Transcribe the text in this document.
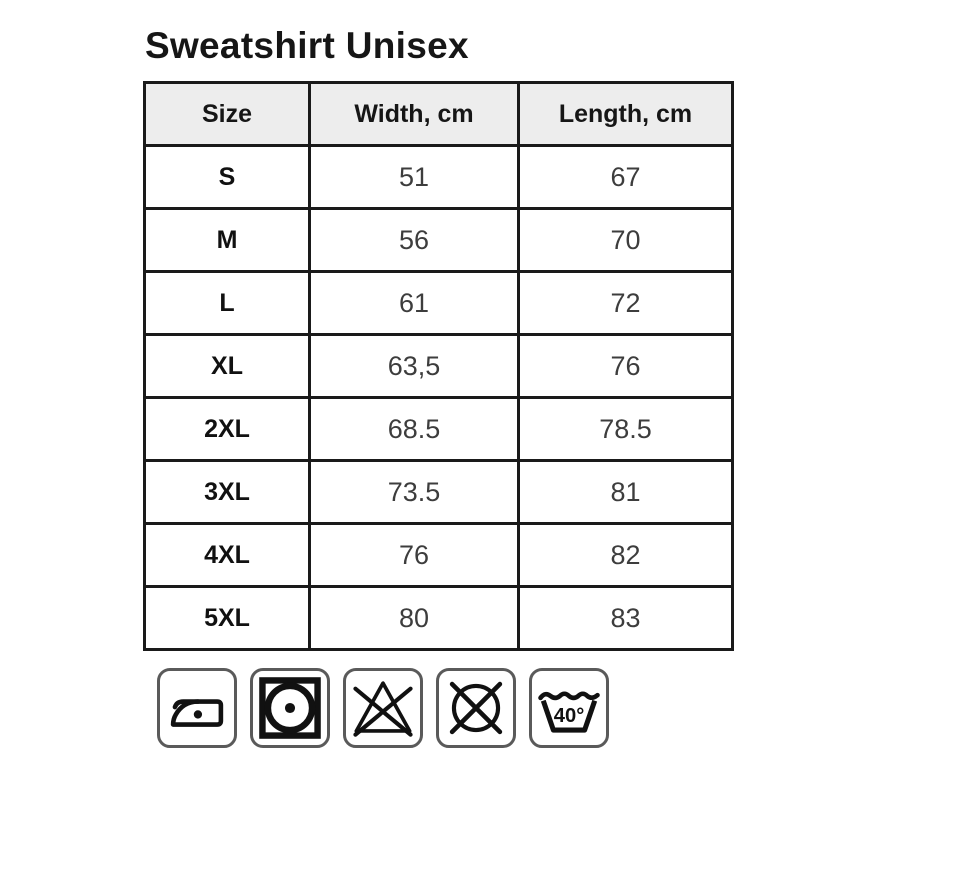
Sweatshirt Unisex
Size	Width, cm	Length, cm
S	51	67
M	56	70
L	61	72
XL	63,5	76
2XL	68.5	78.5
3XL	73.5	81
4XL	76	82
5XL	80	83
40°
